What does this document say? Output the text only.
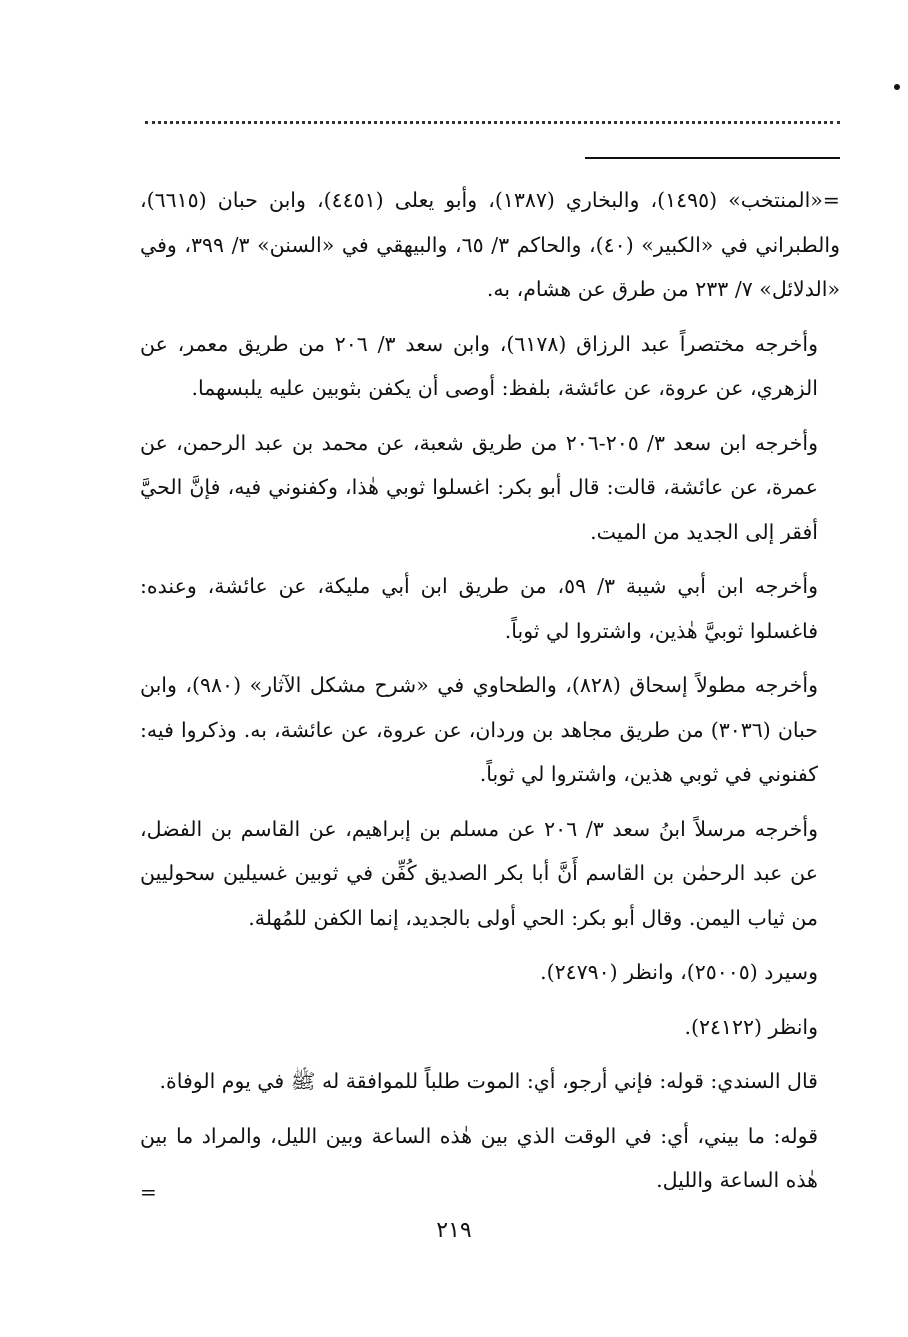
=«المنتخب» (١٤٩٥)، والبخاري (١٣٨٧)، وأبو يعلى (٤٤٥١)، وابن حبان (٦٦١٥)، والطبراني في «الكبير» (٤٠)، والحاكم ٣/ ٦٥، والبيهقي في «السنن» ٣/ ٣٩٩، وفي «الدلائل» ٧/ ٢٣٣ من طرق عن هشام، به.

وأخرجه مختصراً عبد الرزاق (٦١٧٨)، وابن سعد ٣/ ٢٠٦ من طريق معمر، عن الزهري، عن عروة، عن عائشة، بلفظ: أوصى أن يكفن بثوبين عليه يلبسهما.

وأخرجه ابن سعد ٣/ ٢٠٥-٢٠٦ من طريق شعبة، عن محمد بن عبد الرحمن، عن عمرة، عن عائشة، قالت: قال أبو بكر: اغسلوا ثوبي هٰذا، وكفنوني فيه، فإنَّ الحيَّ أفقر إلى الجديد من الميت.

وأخرجه ابن أبي شيبة ٣/ ٥٩، من طريق ابن أبي مليكة، عن عائشة، وعنده: فاغسلوا ثوبيَّ هٰذين، واشتروا لي ثوباً.

وأخرجه مطولاً إسحاق (٨٢٨)، والطحاوي في «شرح مشكل الآثار» (٩٨٠)، وابن حبان (٣٠٣٦) من طريق مجاهد بن وردان، عن عروة، عن عائشة، به. وذكروا فيه: كفنوني في ثوبي هذين، واشتروا لي ثوباً.

وأخرجه مرسلاً ابنُ سعد ٣/ ٢٠٦ عن مسلم بن إبراهيم، عن القاسم بن الفضل، عن عبد الرحمٰن بن القاسم أَنَّ أبا بكر الصديق كُفِّن في ثوبين غسيلين سحوليين من ثياب اليمن. وقال أبو بكر: الحي أولى بالجديد، إنما الكفن للمُهلة.

وسيرد (٢٥٠٠٥)، وانظر (٢٤٧٩٠).

وانظر (٢٤١٢٢).

قال السندي: قوله: فإني أرجو، أي: الموت طلباً للموافقة له ﷺ في يوم الوفاة.

قوله: ما بيني، أي: في الوقت الذي بين هٰذه الساعة وبين الليل، والمراد ما بين هٰذه الساعة والليل.

=
٢١٩
